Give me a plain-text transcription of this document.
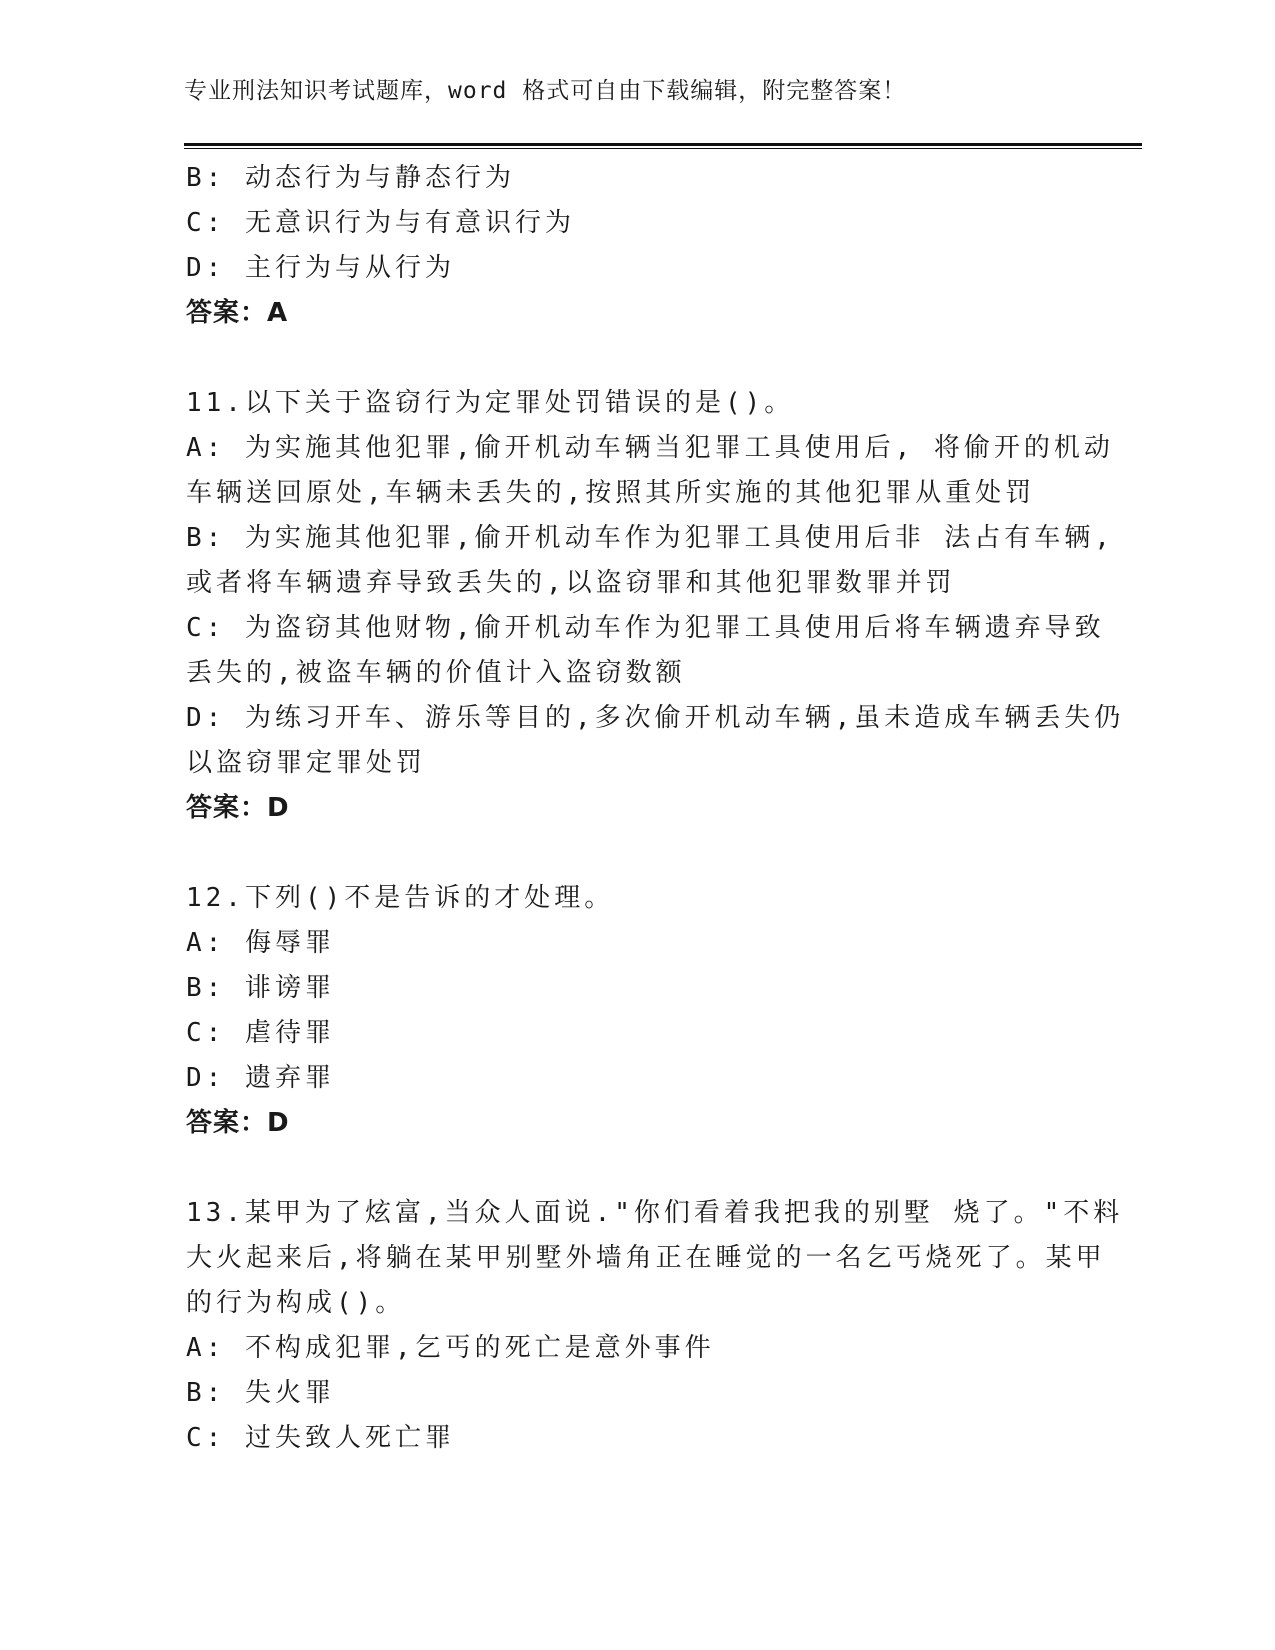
专业刑法知识考试题库，word 格式可自由下载编辑，附完整答案！
B: 动态行为与静态行为
C: 无意识行为与有意识行为
D: 主行为与从行为
答案：A
11.以下关于盗窃行为定罪处罚错误的是()。
A: 为实施其他犯罪,偷开机动车辆当犯罪工具使用后, 将偷开的机动
车辆送回原处,车辆未丢失的,按照其所实施的其他犯罪从重处罚
B: 为实施其他犯罪,偷开机动车作为犯罪工具使用后非 法占有车辆,
或者将车辆遗弃导致丢失的,以盗窃罪和其他犯罪数罪并罚
C: 为盗窃其他财物,偷开机动车作为犯罪工具使用后将车辆遗弃导致
丢失的,被盗车辆的价值计入盗窃数额
D: 为练习开车、游乐等目的,多次偷开机动车辆,虽未造成车辆丢失仍
以盗窃罪定罪处罚
答案：D
12.下列()不是告诉的才处理。
A: 侮辱罪
B: 诽谤罪
C: 虐待罪
D: 遗弃罪
答案：D
13.某甲为了炫富,当众人面说."你们看着我把我的别墅 烧了。"不料
大火起来后,将躺在某甲别墅外墙角正在睡觉的一名乞丐烧死了。某甲
的行为构成()。
A: 不构成犯罪,乞丐的死亡是意外事件
B: 失火罪
C: 过失致人死亡罪
